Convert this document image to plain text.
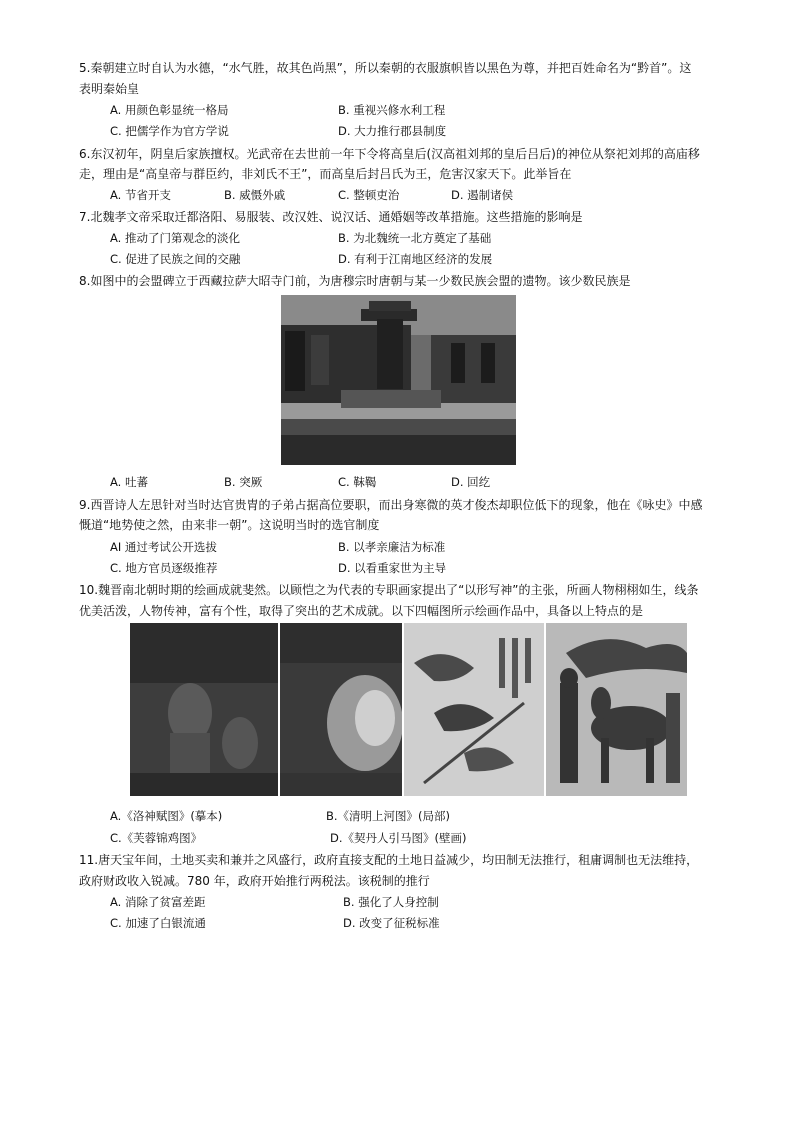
5.秦朝建立时自认为水德，“水气胜，故其色尚黑”，所以秦朝的衣服旗帜皆以黑色为尊，并把百姓命名为“黔首”。这
表明秦始皇
A. 用颜色彰显统一格局	B. 重视兴修水利工程
C. 把儒学作为官方学说	D. 大力推行郡县制度
6.东汉初年，阴皇后家族擅权。光武帝在去世前一年下令将高皇后(汉高祖刘邦的皇后吕后)的神位从祭祀刘邦的高庙移
走，理由是“高皇帝与群臣约，非刘氏不王”，而高皇后封吕氏为王，危害汉家天下。此举旨在
A. 节省开支	B. 威慑外戚	C. 整顿吏治	D. 遏制诸侯
7.北魏孝文帝采取迁都洛阳、易服装、改汉姓、说汉话、通婚姻等改革措施。这些措施的影响是
A. 推动了门第观念的淡化	B. 为北魏统一北方奠定了基础
C. 促进了民族之间的交融	D. 有利于江南地区经济的发展
8.如图中的会盟碑立于西藏拉萨大昭寺门前，为唐穆宗时唐朝与某一少数民族会盟的遗物。该少数民族是
A. 吐蕃	B. 突厥	C. 靺鞨	D. 回纥
9.西晋诗人左思针对当时达官贵胄的子弟占据高位要职，而出身寒微的英才俊杰却职位低下的现象，他在《咏史》中感
慨道“地势使之然，由来非一朝”。这说明当时的选官制度
AI 通过考试公开选拔	B. 以孝亲廉洁为标准
C. 地方官员逐级推荐	D. 以看重家世为主导
10.魏晋南北朝时期的绘画成就斐然。以顾恺之为代表的专职画家提出了“以形写神”的主张，所画人物栩栩如生，线条
优美活泼，人物传神，富有个性，取得了突出的艺术成就。以下四幅图所示绘画作品中，具备以上特点的是
A.《洛神赋图》(摹本)	B.《清明上河图》(局部)
C.《芙蓉锦鸡图》	D.《契丹人引马图》(壁画)
11.唐天宝年间，土地买卖和兼并之风盛行，政府直接支配的土地日益减少，均田制无法推行，租庸调制也无法维持，
政府财政收入锐减。780 年，政府开始推行两税法。该税制的推行
A. 消除了贫富差距	B. 强化了人身控制
C. 加速了白银流通	D. 改变了征税标准
